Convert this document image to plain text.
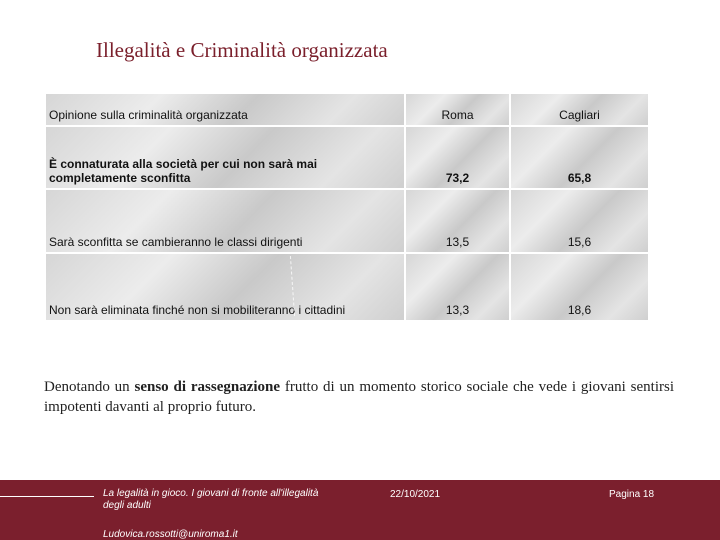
Illegalità e Criminalità organizzata
Opinione sulla criminalità organizzata	Roma	Cagliari
È connaturata alla società per cui non sarà mai completamente sconfitta	73,2	65,8
Sarà sconfitta se cambieranno le classi dirigenti	13,5	15,6
Non sarà eliminata finché non si mobiliteranno i cittadini	13,3	18,6
Denotando un senso di rassegnazione frutto di un momento storico sociale che vede i giovani sentirsi impotenti davanti al proprio futuro.
La legalità in gioco. I giovani di fronte all'illegalità degli adulti
Ludovica.rossotti@uniroma1.it
22/10/2021	Pagina 18
